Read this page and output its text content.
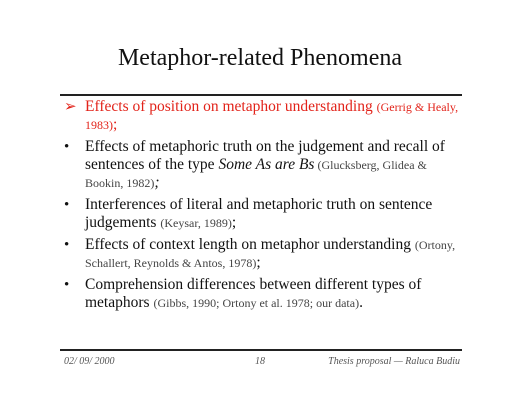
Metaphor-related Phenomena
➢ Effects of position on metaphor understanding (Gerrig & Healy, 1983);
• Effects of metaphoric truth on the judgement and recall of sentences of the type Some As are Bs (Glucksberg, Glidea & Bookin, 1982);
• Interferences of literal and metaphoric truth on sentence judgements (Keysar, 1989);
• Effects of context length on metaphor understanding (Ortony, Schallert, Reynolds & Antos, 1978);
• Comprehension differences between different types of metaphors (Gibbs, 1990; Ortony et al. 1978; our data).
02/ 09/ 2000	18	Thesis proposal — Raluca Budiu
